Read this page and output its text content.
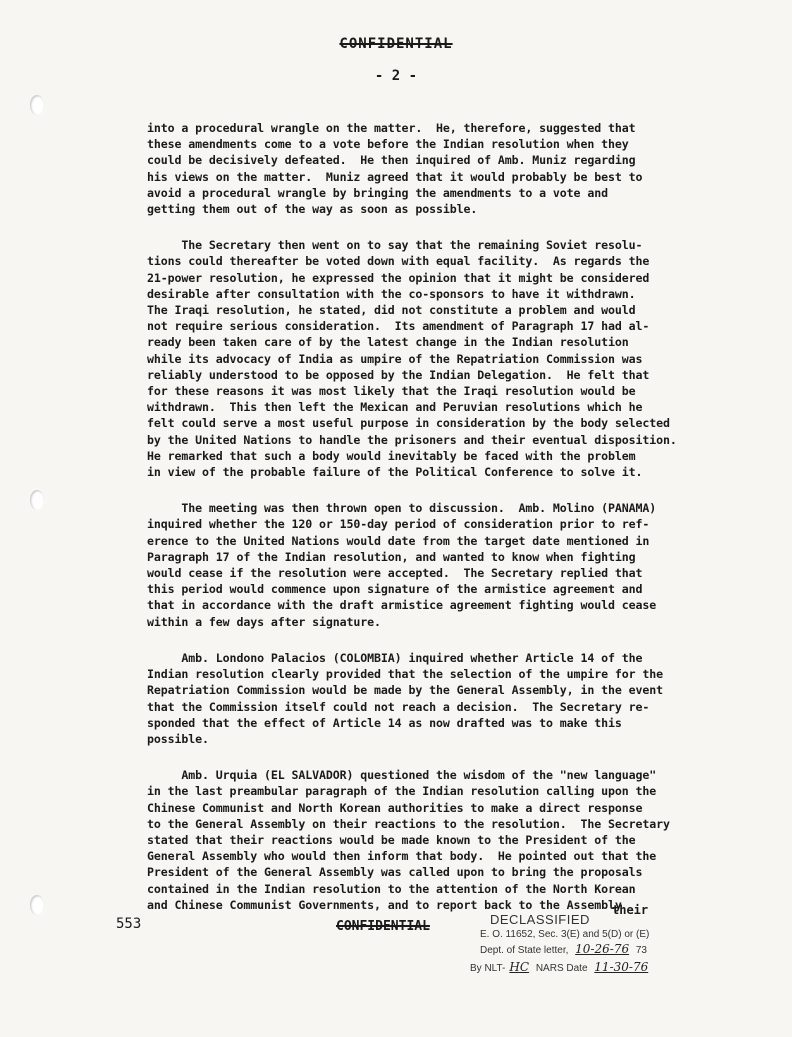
CONFIDENTIAL
- 2 -

into a procedural wrangle on the matter.  He, therefore, suggested that

these amendments come to a vote before the Indian resolution when they

could be decisively defeated.  He then inquired of Amb. Muniz regarding

his views on the matter.  Muniz agreed that it would probably be best to

avoid a procedural wrangle by bringing the amendments to a vote and

getting them out of the way as soon as possible.

The Secretary then went on to say that the remaining Soviet resolu-

tions could thereafter be voted down with equal facility.  As regards the

21-power resolution, he expressed the opinion that it might be considered

desirable after consultation with the co-sponsors to have it withdrawn.

The Iraqi resolution, he stated, did not constitute a problem and would

not require serious consideration.  Its amendment of Paragraph 17 had al-

ready been taken care of by the latest change in the Indian resolution

while its advocacy of India as umpire of the Repatriation Commission was

reliably understood to be opposed by the Indian Delegation.  He felt that

for these reasons it was most likely that the Iraqi resolution would be

withdrawn.  This then left the Mexican and Peruvian resolutions which he

felt could serve a most useful purpose in consideration by the body selected

by the United Nations to handle the prisoners and their eventual disposition.

He remarked that such a body would inevitably be faced with the problem

in view of the probable failure of the Political Conference to solve it.

The meeting was then thrown open to discussion.  Amb. Molino (PANAMA)

inquired whether the 120 or 150-day period of consideration prior to ref-

erence to the United Nations would date from the target date mentioned in

Paragraph 17 of the Indian resolution, and wanted to know when fighting

would cease if the resolution were accepted.  The Secretary replied that

this period would commence upon signature of the armistice agreement and

that in accordance with the draft armistice agreement fighting would cease

within a few days after signature.

Amb. Londono Palacios (COLOMBIA) inquired whether Article 14 of the

Indian resolution clearly provided that the selection of the umpire for the

Repatriation Commission would be made by the General Assembly, in the event

that the Commission itself could not reach a decision.  The Secretary re-

sponded that the effect of Article 14 as now drafted was to make this

possible.

Amb. Urquia (EL SALVADOR) questioned the wisdom of the "new language"

in the last preambular paragraph of the Indian resolution calling upon the

Chinese Communist and North Korean authorities to make a direct response

to the General Assembly on their reactions to the resolution.  The Secretary

stated that their reactions would be made known to the President of the

General Assembly who would then inform that body.  He pointed out that the

President of the General Assembly was called upon to bring the proposals

contained in the Indian resolution to the attention of the North Korean

and Chinese Communist Governments, and to report back to the Assembly

their
553	CONFIDENTIAL	DECLASSIFIED
E. O. 11652, Sec. 3(E) and 5(D) or (E)
Dept. of State letter, 10-26-76 73
By NLT- HC NARS Date 11-30-76
